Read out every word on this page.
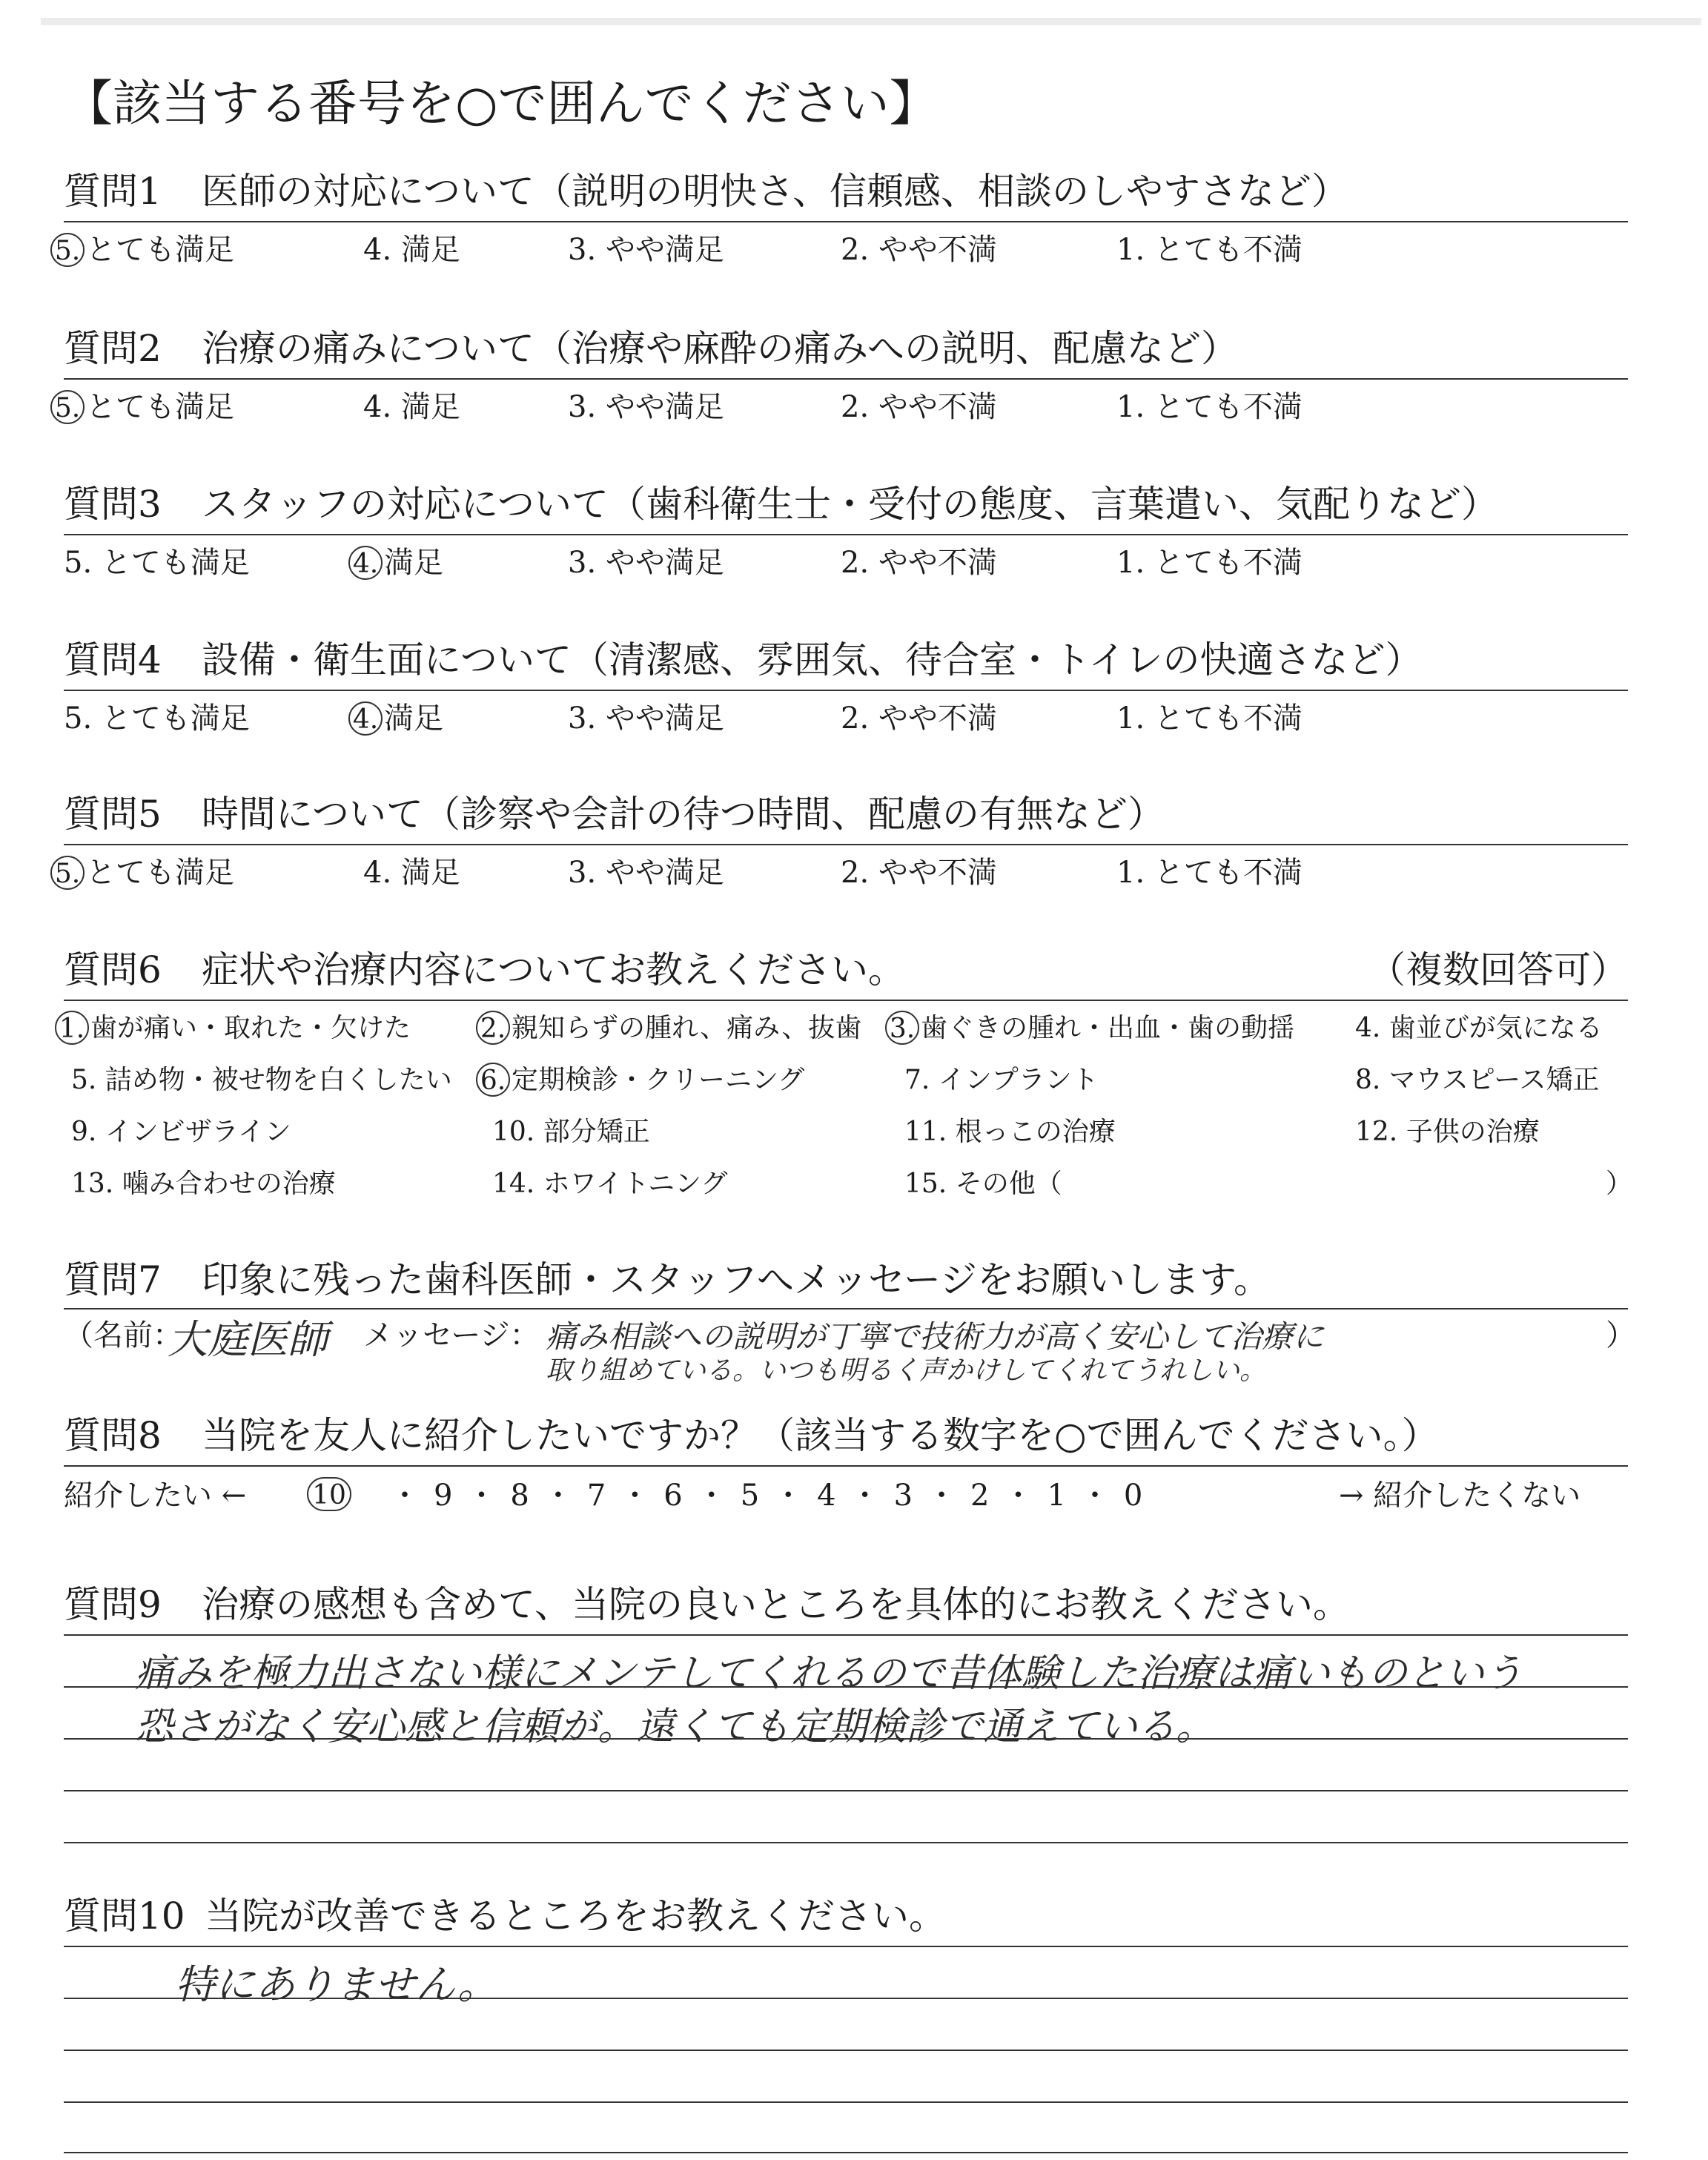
【該当する番号を○で囲んでください】
質問1 医師の対応について（説明の明快さ、信頼感、相談のしやすさなど）
5. とても満足	4. 満足	3. やや満足	2. やや不満	1. とても不満
質問2 治療の痛みについて（治療や麻酔の痛みへの説明、配慮など）
5. とても満足	4. 満足	3. やや満足	2. やや不満	1. とても不満
質問3 スタッフの対応について（歯科衛生士・受付の態度、言葉遣い、気配りなど）
5. とても満足	4. 満足	3. やや満足	2. やや不満	1. とても不満
質問4 設備・衛生面について（清潔感、雰囲気、待合室・トイレの快適さなど）
5. とても満足	4. 満足	3. やや満足	2. やや不満	1. とても不満
質問5 時間について（診察や会計の待つ時間、配慮の有無など）
5. とても満足	4. 満足	3. やや満足	2. やや不満	1. とても不満
質問6 症状や治療内容についてお教えください。	（複数回答可）
1. 歯が痛い・取れた・欠けた	2. 親知らずの腫れ、痛み、抜歯 3. 歯ぐきの腫れ・出血・歯の動揺 4. 歯並びが気になる
5. 詰め物・被せ物を白くしたい 6. 定期検診・クリーニング	7. インプラント	8. マウスピース矯正
9. インビザライン	10. 部分矯正	11. 根っこの治療	12. 子供の治療
13. 噛み合わせの治療	14. ホワイトニング	15. その他（	）
質問7 印象に残った歯科医師・スタッフへメッセージをお願いします。
（名前：
大庭医師 メッセージ： 痛み相談への説明が丁寧で技術力が高く安心して治療に
取り組めている。いつも明るく声かけしてくれてうれしい。
）
質問8 当院を友人に紹介したいですか？（該当する数字を○で囲んでください。）
紹介したい ← 10 ・ 9 ・ 8 ・ 7 ・ 6 ・ 5 ・ 4 ・ 3 ・ 2 ・ 1 ・ 0	→ 紹介したくない
質問9 治療の感想も含めて、当院の良いところを具体的にお教えください。
痛みを極力出さない様にメンテしてくれるので昔体験した治療は痛いものという
恐さがなく安心感と信頼が。遠くても定期検診で通えている。
質問10 当院が改善できるところをお教えください。
特にありません。
